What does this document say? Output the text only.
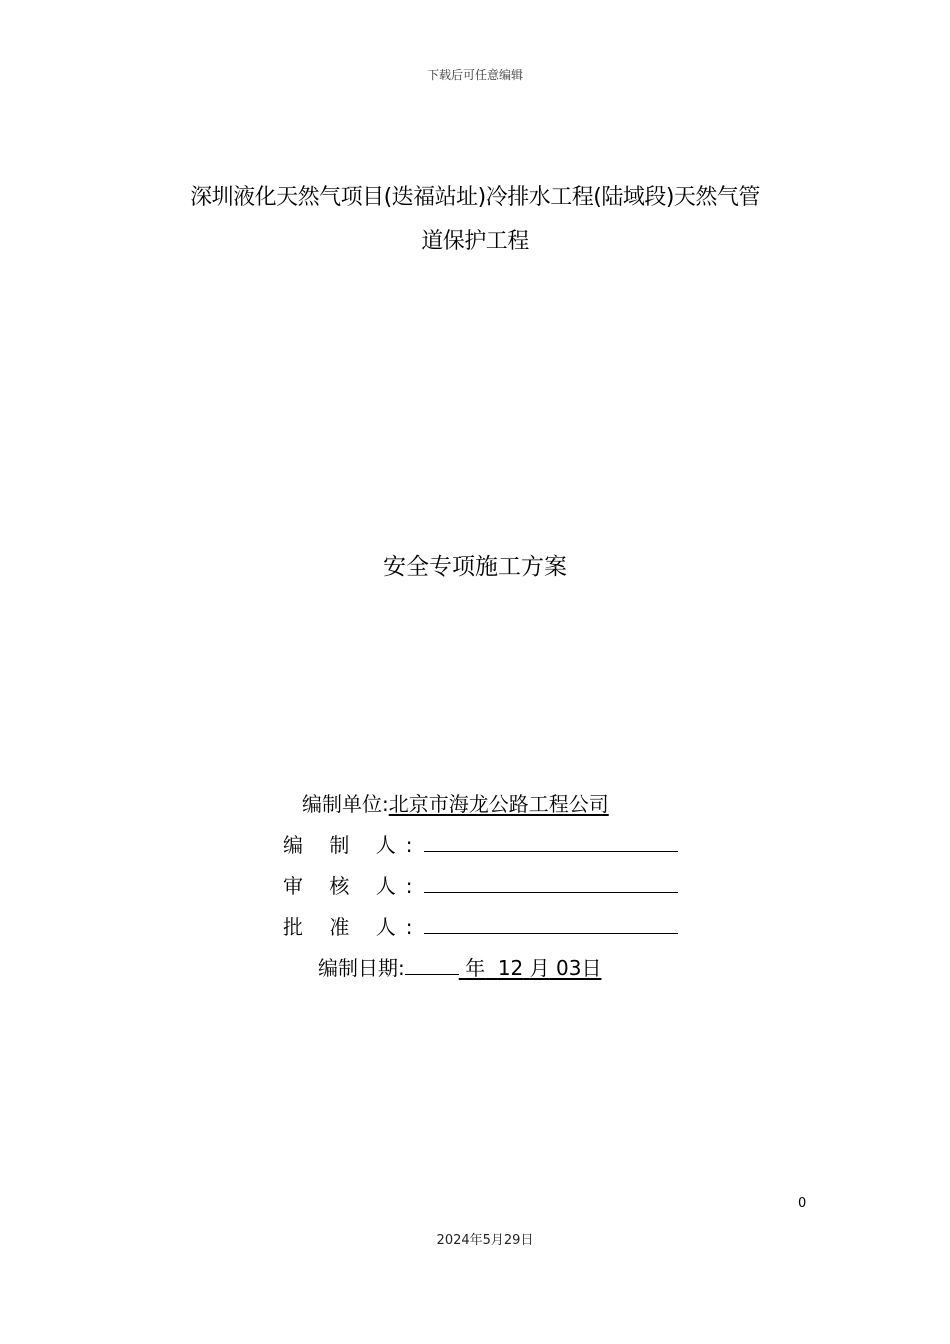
下载后可任意编辑
深圳液化天然气项目(迭福站址)冷排水工程(陆域段)天然气管
道保护工程
安全专项施工方案
编制单位:北京市海龙公路工程公司
编 制 人:
审 核 人:
批 准 人:
编制日期:	年 12 月 03日
0
2024年5月29日
